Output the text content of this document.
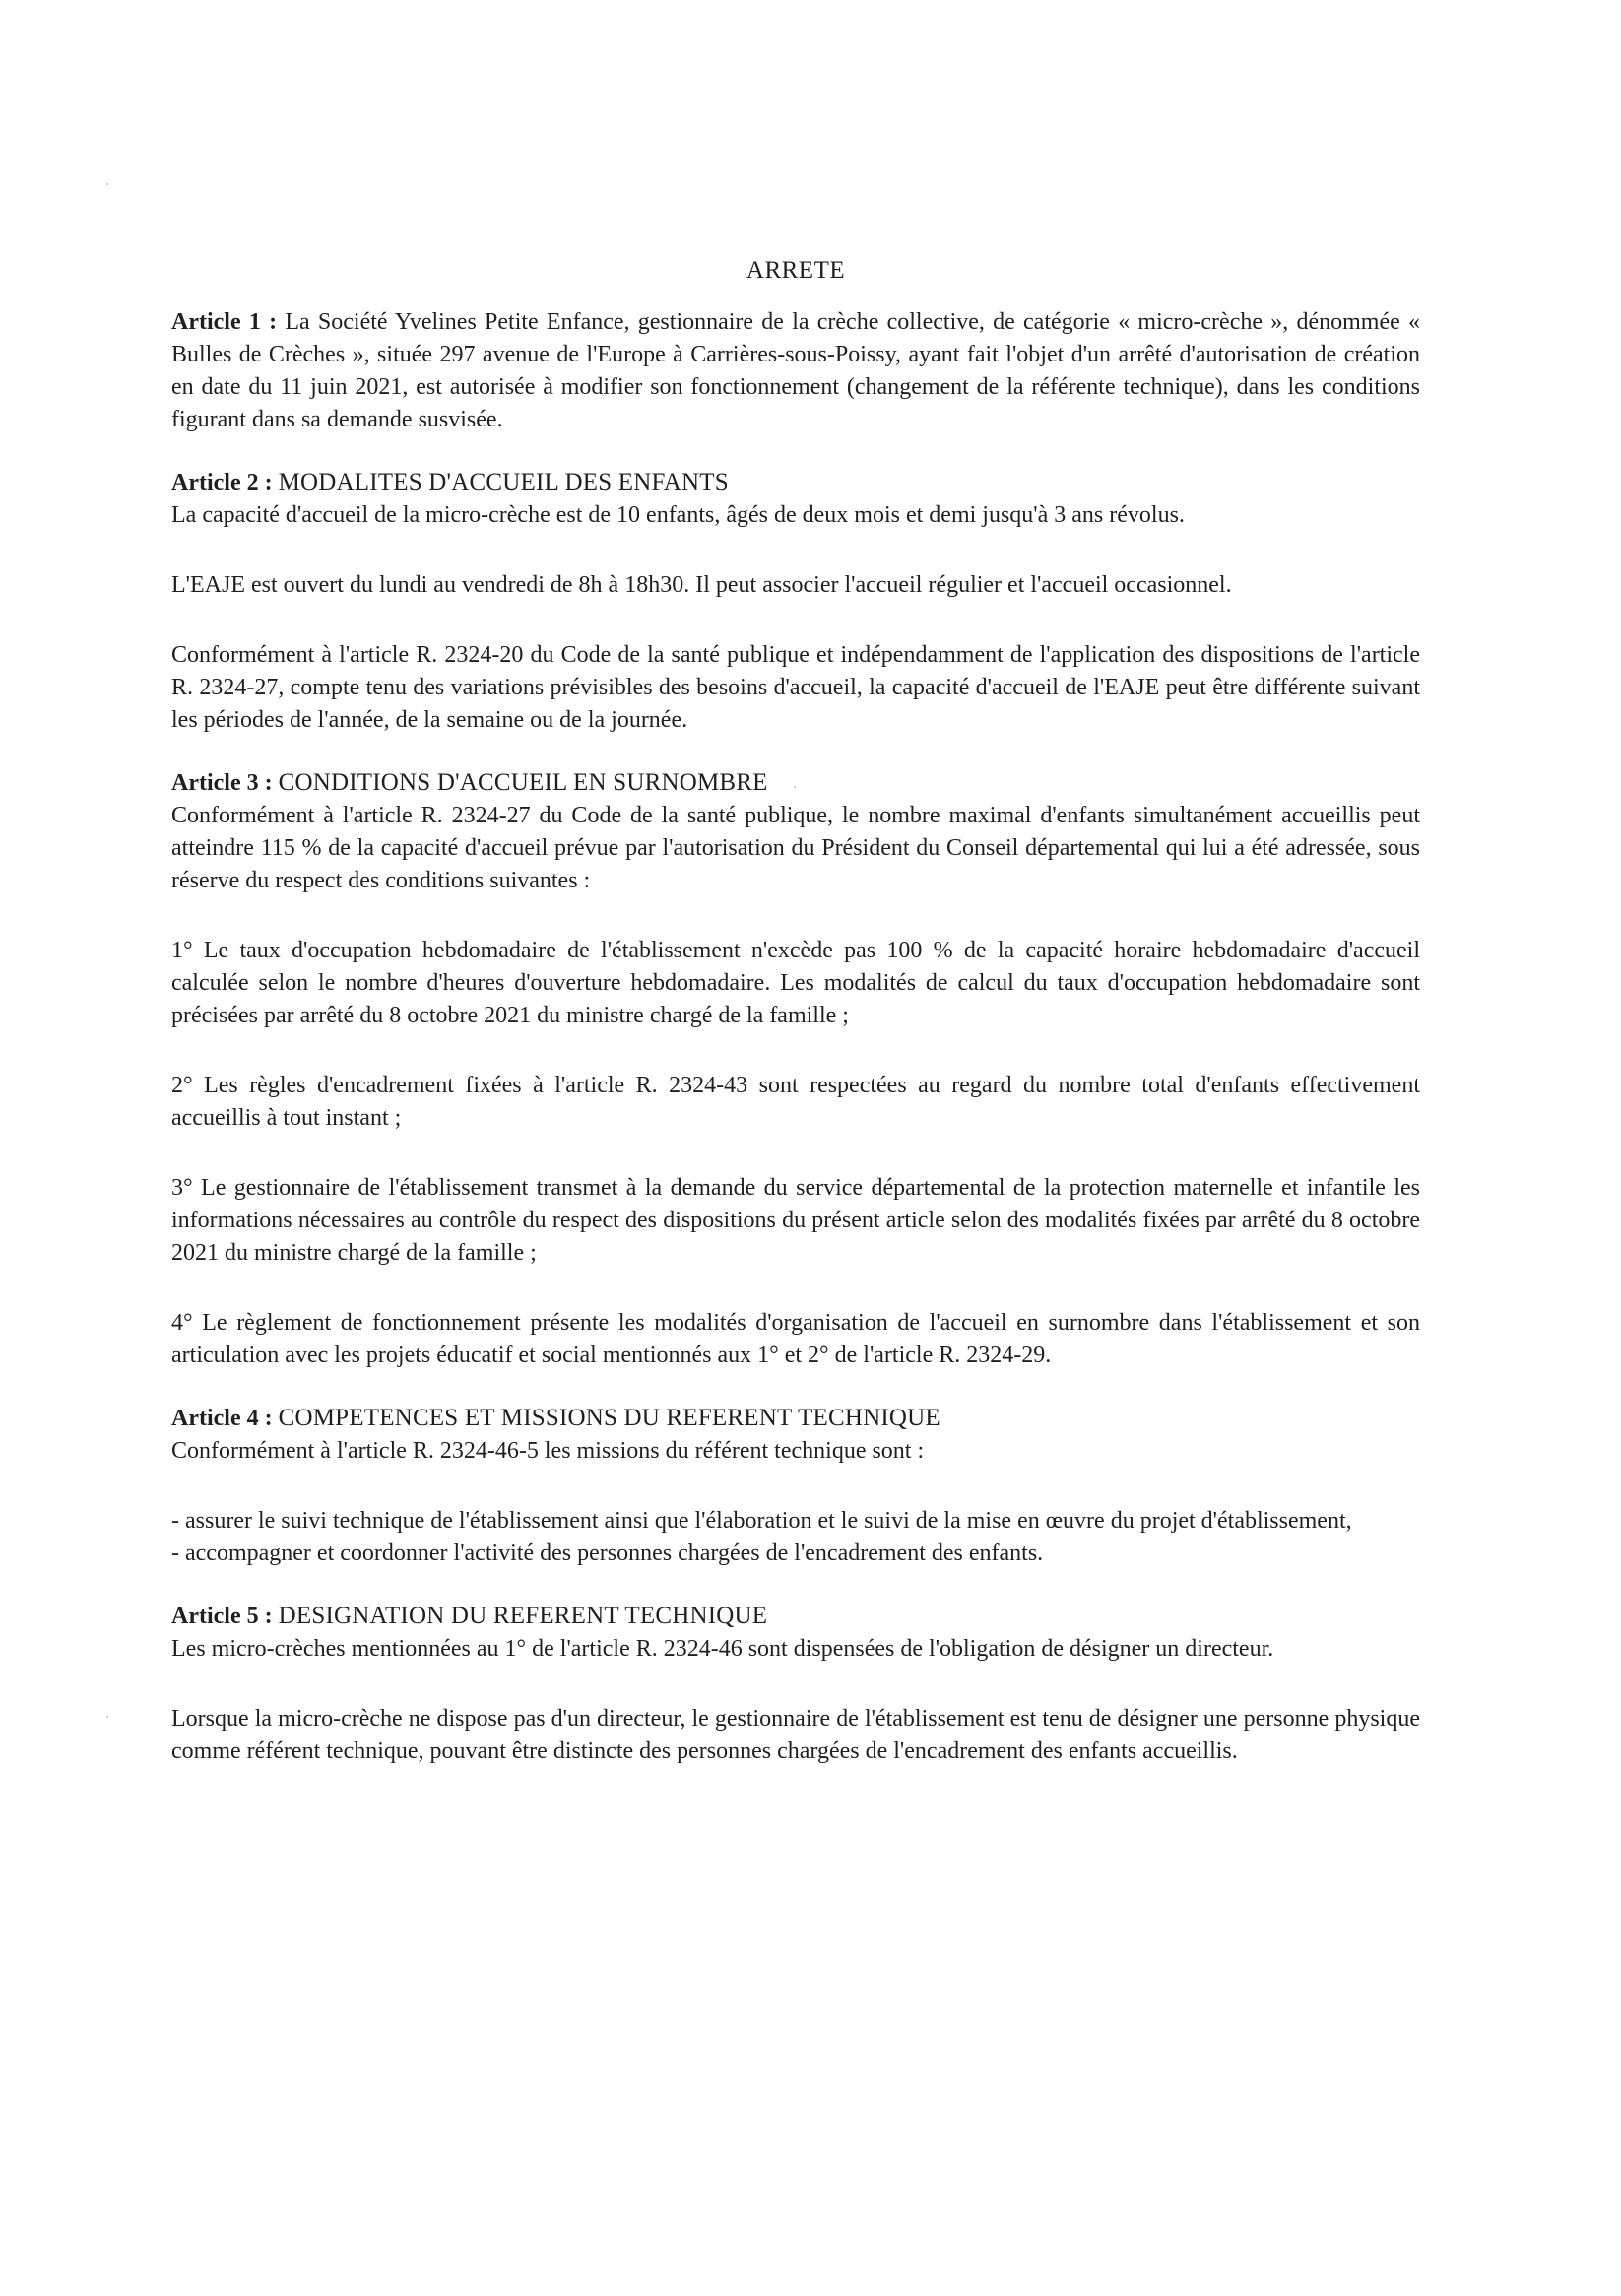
ARRETE

Article 1 : La Société Yvelines Petite Enfance, gestionnaire de la crèche collective, de catégorie « micro-crèche », dénommée « Bulles de Crèches », située 297 avenue de l'Europe à Carrières-sous-Poissy, ayant fait l'objet d'un arrêté d'autorisation de création en date du 11 juin 2021, est autorisée à modifier son fonctionnement (changement de la référente technique), dans les conditions figurant dans sa demande susvisée.

Article 2 : MODALITES D'ACCUEIL DES ENFANTS

La capacité d'accueil de la micro-crèche est de 10 enfants, âgés de deux mois et demi jusqu'à 3 ans révolus.

L'EAJE est ouvert du lundi au vendredi de 8h à 18h30. Il peut associer l'accueil régulier et l'accueil occasionnel.

Conformément à l'article R. 2324-20 du Code de la santé publique et indépendamment de l'application des dispositions de l'article R. 2324-27, compte tenu des variations prévisibles des besoins d'accueil, la capacité d'accueil de l'EAJE peut être différente suivant les périodes de l'année, de la semaine ou de la journée.

Article 3 : CONDITIONS D'ACCUEIL EN SURNOMBRE

Conformément à l'article R. 2324-27 du Code de la santé publique, le nombre maximal d'enfants simultanément accueillis peut atteindre 115 % de la capacité d'accueil prévue par l'autorisation du Président du Conseil départemental qui lui a été adressée, sous réserve du respect des conditions suivantes :

1° Le taux d'occupation hebdomadaire de l'établissement n'excède pas 100 % de la capacité horaire hebdomadaire d'accueil calculée selon le nombre d'heures d'ouverture hebdomadaire. Les modalités de calcul du taux d'occupation hebdomadaire sont précisées par arrêté du 8 octobre 2021 du ministre chargé de la famille ;

2° Les règles d'encadrement fixées à l'article R. 2324-43 sont respectées au regard du nombre total d'enfants effectivement accueillis à tout instant ;

3° Le gestionnaire de l'établissement transmet à la demande du service départemental de la protection maternelle et infantile les informations nécessaires au contrôle du respect des dispositions du présent article selon des modalités fixées par arrêté du 8 octobre 2021 du ministre chargé de la famille ;

4° Le règlement de fonctionnement présente les modalités d'organisation de l'accueil en surnombre dans l'établissement et son articulation avec les projets éducatif et social mentionnés aux 1° et 2° de l'article R. 2324-29.

Article 4 : COMPETENCES ET MISSIONS DU REFERENT TECHNIQUE

Conformément à l'article R. 2324-46-5 les missions du référent technique sont :

- assurer le suivi technique de l'établissement ainsi que l'élaboration et le suivi de la mise en œuvre du projet d'établissement,

- accompagner et coordonner l'activité des personnes chargées de l'encadrement des enfants.

Article 5 : DESIGNATION DU REFERENT TECHNIQUE

Les micro-crèches mentionnées au 1° de l'article R. 2324-46 sont dispensées de l'obligation de désigner un directeur.

Lorsque la micro-crèche ne dispose pas d'un directeur, le gestionnaire de l'établissement est tenu de désigner une personne physique comme référent technique, pouvant être distincte des personnes chargées de l'encadrement des enfants accueillis.
